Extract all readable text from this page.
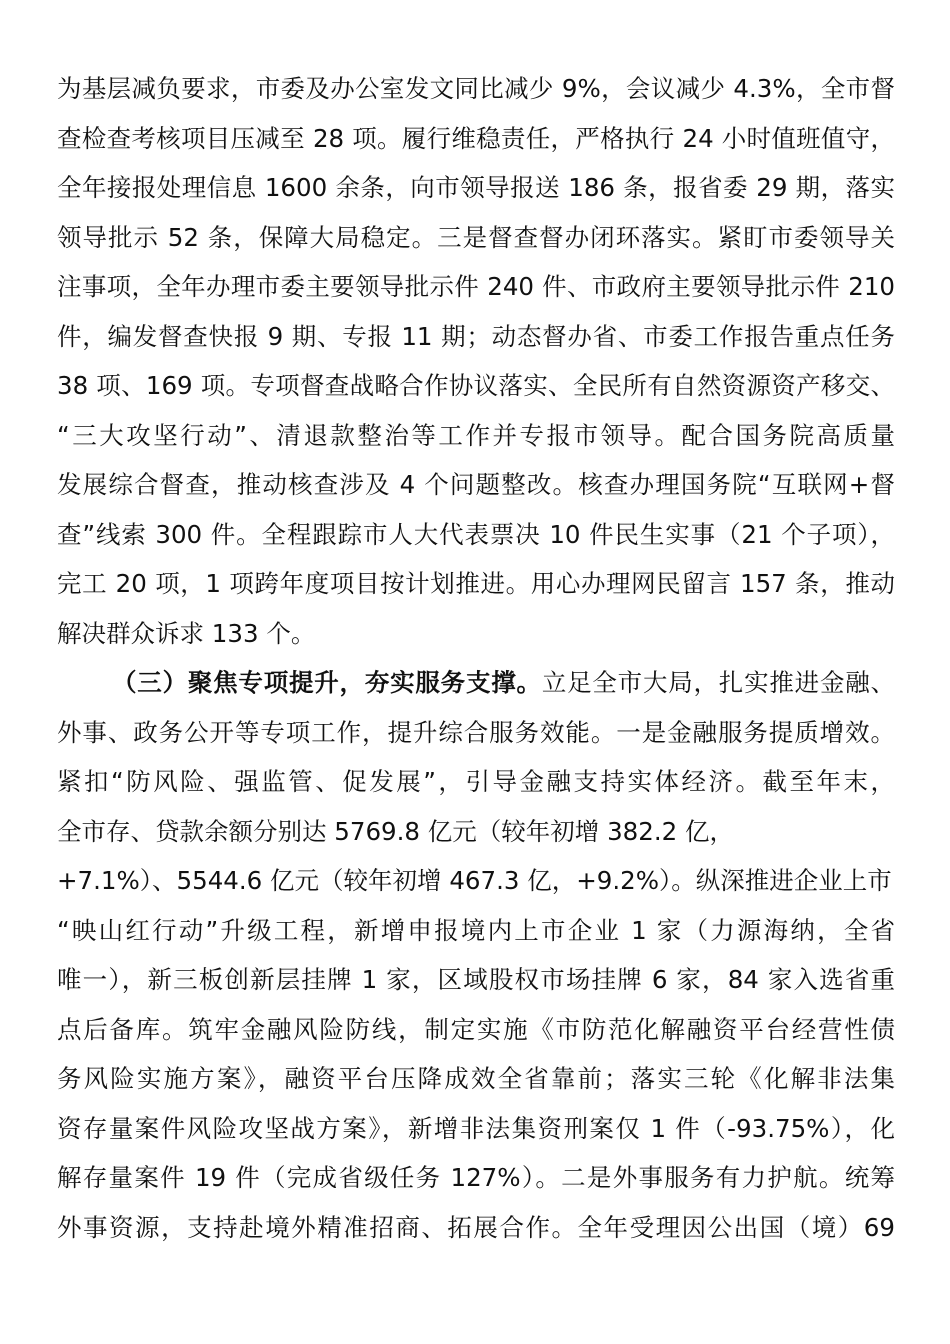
为基层减负要求，市委及办公室发文同比减少 9%，会议减少 4.3%，全市督
查检查考核项目压减至 28 项。履行维稳责任，严格执行 24 小时值班值守，
全年接报处理信息 1600 余条，向市领导报送 186 条，报省委 29 期，落实
领导批示 52 条，保障大局稳定。三是督查督办闭环落实。紧盯市委领导关
注事项，全年办理市委主要领导批示件 240 件、市政府主要领导批示件 210
件，编发督查快报 9 期、专报 11 期；动态督办省、市委工作报告重点任务
38 项、169 项。专项督查战略合作协议落实、全民所有自然资源资产移交、
“三大攻坚行动”、清退款整治等工作并专报市领导。配合国务院高质量
发展综合督查，推动核查涉及 4 个问题整改。核查办理国务院“互联网+督
查”线索 300 件。全程跟踪市人大代表票决 10 件民生实事（21 个子项），
完工 20 项，1 项跨年度项目按计划推进。用心办理网民留言 157 条，推动
解决群众诉求 133 个。
（三）聚焦专项提升，夯实服务支撑。立足全市大局，扎实推进金融、
外事、政务公开等专项工作，提升综合服务效能。一是金融服务提质增效。
紧扣“防风险、强监管、促发展”，引导金融支持实体经济。截至年末，
全市存、贷款余额分别达 5769.8 亿元（较年初增 382.2 亿，
+7.1%）、5544.6 亿元（较年初增 467.3 亿，+9.2%）。纵深推进企业上市
“映山红行动”升级工程，新增申报境内上市企业 1 家（力源海纳，全省
唯一），新三板创新层挂牌 1 家，区域股权市场挂牌 6 家，84 家入选省重
点后备库。筑牢金融风险防线，制定实施《市防范化解融资平台经营性债
务风险实施方案》，融资平台压降成效全省靠前；落实三轮《化解非法集
资存量案件风险攻坚战方案》，新增非法集资刑案仅 1 件（-93.75%），化
解存量案件 19 件（完成省级任务 127%）。二是外事服务有力护航。统筹
外事资源，支持赴境外精准招商、拓展合作。全年受理因公出国（境）69
